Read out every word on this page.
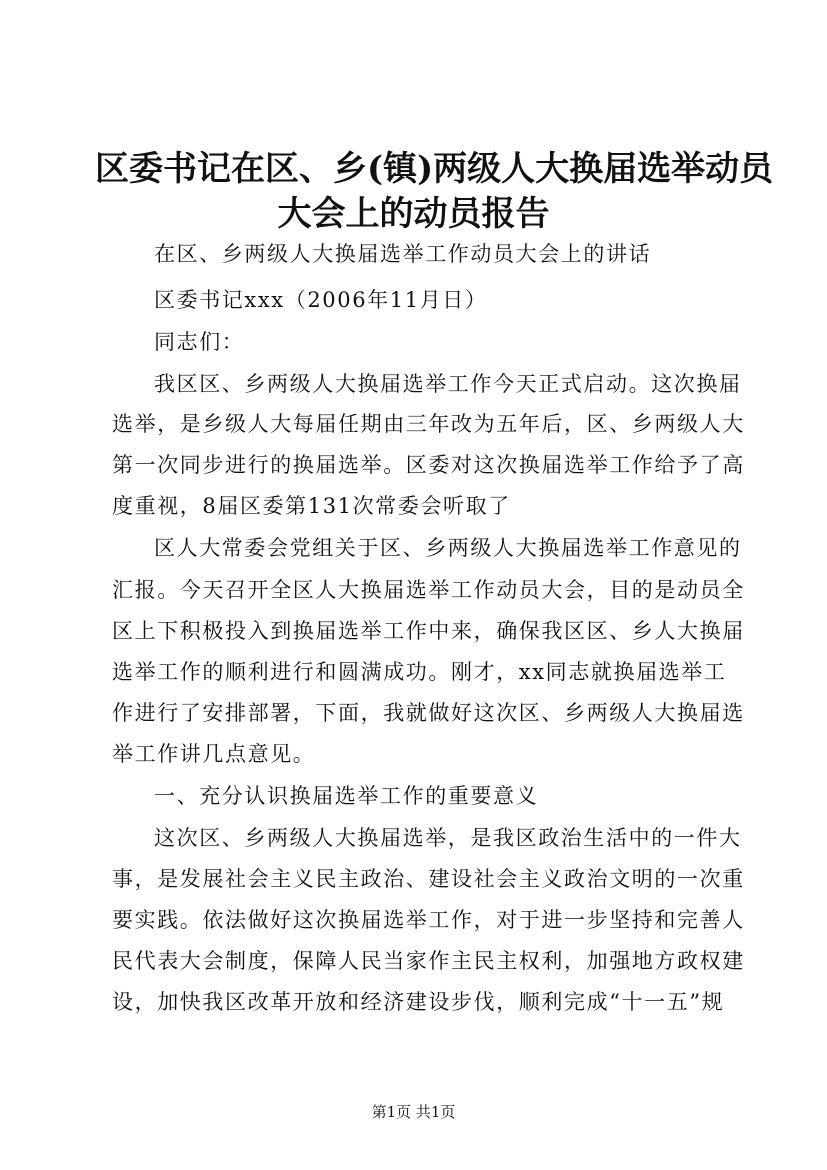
区委书记在区、乡(镇)两级人大换届选举动员
大会上的动员报告
在区、乡两级人大换届选举工作动员大会上的讲话
区委书记xxx（2006年11月日）
同志们：
我区区、乡两级人大换届选举工作今天正式启动。这次换届
选举，是乡级人大每届任期由三年改为五年后，区、乡两级人大
第一次同步进行的换届选举。区委对这次换届选举工作给予了高
度重视，8届区委第131次常委会听取了
区人大常委会党组关于区、乡两级人大换届选举工作意见的
汇报。今天召开全区人大换届选举工作动员大会，目的是动员全
区上下积极投入到换届选举工作中来，确保我区区、乡人大换届
选举工作的顺利进行和圆满成功。刚才，xx同志就换届选举工
作进行了安排部署，下面，我就做好这次区、乡两级人大换届选
举工作讲几点意见。
一、充分认识换届选举工作的重要意义
这次区、乡两级人大换届选举，是我区政治生活中的一件大
事，是发展社会主义民主政治、建设社会主义政治文明的一次重
要实践。依法做好这次换届选举工作，对于进一步坚持和完善人
民代表大会制度，保障人民当家作主民主权利，加强地方政权建
设，加快我区改革开放和经济建设步伐，顺利完成“十一五”规
第1页 共1页
